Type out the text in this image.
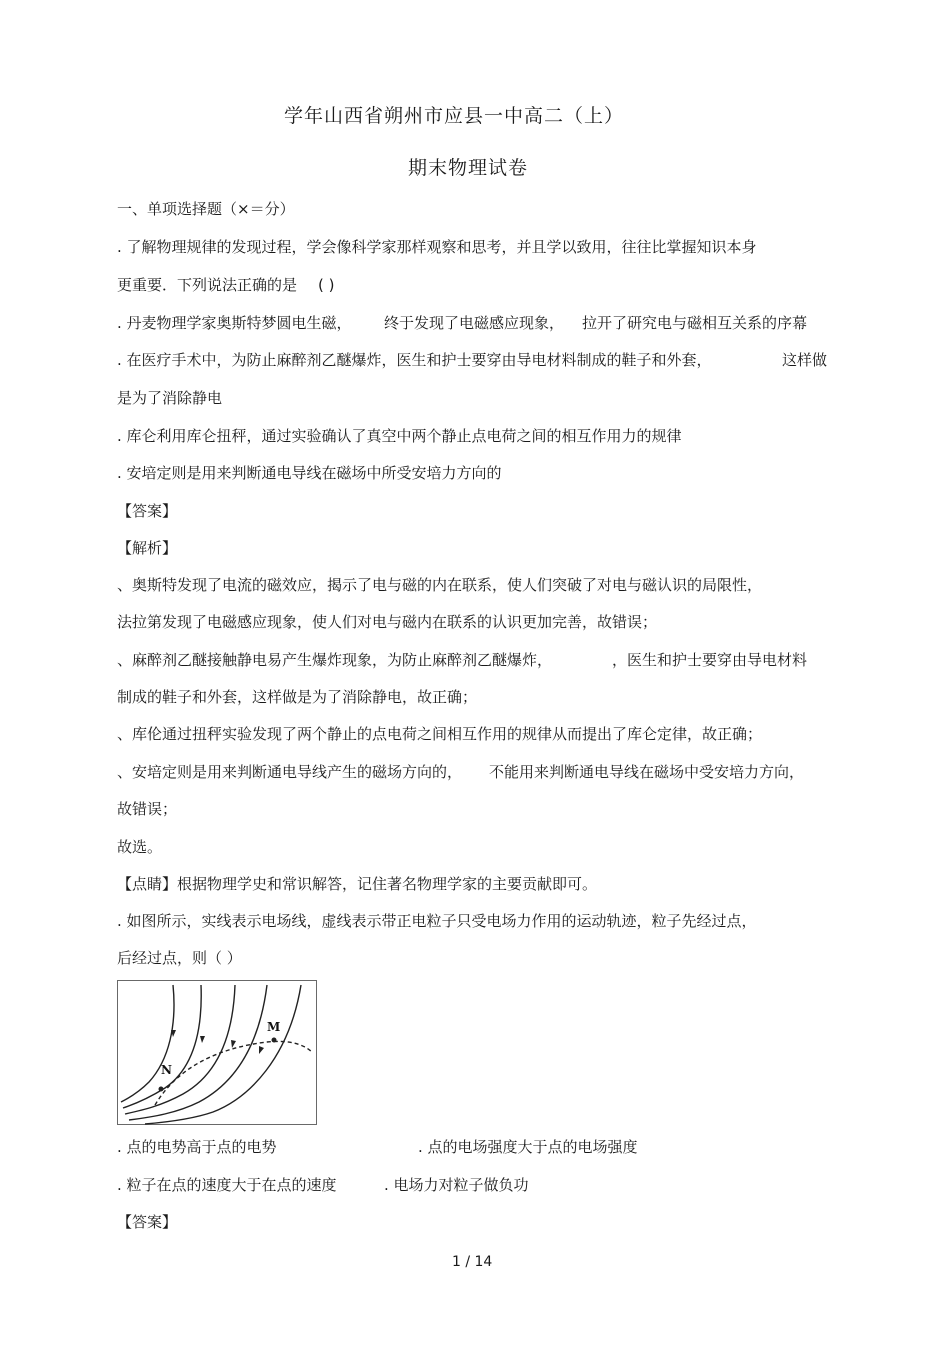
学年山西省朔州市应县一中高二（上）
期末物理试卷
一、单项选择题（×＝分）
. 了解物理规律的发现过程，学会像科学家那样观察和思考，并且学以致用，往往比掌握知识本身
更重要．下列说法正确的是 ( )
. 丹麦物理学家奥斯特梦圆电生磁， 终于发现了电磁感应现象， 拉开了研究电与磁相互关系的序幕
. 在医疗手术中，为防止麻醉剂乙醚爆炸，医生和护士要穿由导电材料制成的鞋子和外套，	这样做
是为了消除静电
. 库仑利用库仑扭秤，通过实验确认了真空中两个静止点电荷之间的相互作用力的规律
. 安培定则是用来判断通电导线在磁场中所受安培力方向的
【答案】
【解析】
、奥斯特发现了电流的磁效应，揭示了电与磁的内在联系，使人们突破了对电与磁认识的局限性，
法拉第发现了电磁感应现象，使人们对电与磁内在联系的认识更加完善，故错误；
、麻醉剂乙醚接触静电易产生爆炸现象，为防止麻醉剂乙醚爆炸，	，医生和护士要穿由导电材料
制成的鞋子和外套，这样做是为了消除静电，故正确；
、库伦通过扭秤实验发现了两个静止的点电荷之间相互作用的规律从而提出了库仑定律，故正确；
、安培定则是用来判断通电导线产生的磁场方向的， 不能用来判断通电导线在磁场中受安培力方向，
故错误；
故选。
【点睛】根据物理学史和常识解答，记住著名物理学家的主要贡献即可。
. 如图所示，实线表示电场线，虚线表示带正电粒子只受电场力作用的运动轨迹，粒子先经过点，
后经过点，则（ ）
M
N
. 点的电势高于点的电势	. 点的电场强度大于点的电场强度
. 粒子在点的速度大于在点的速度	. 电场力对粒子做负功
【答案】
1 / 14
